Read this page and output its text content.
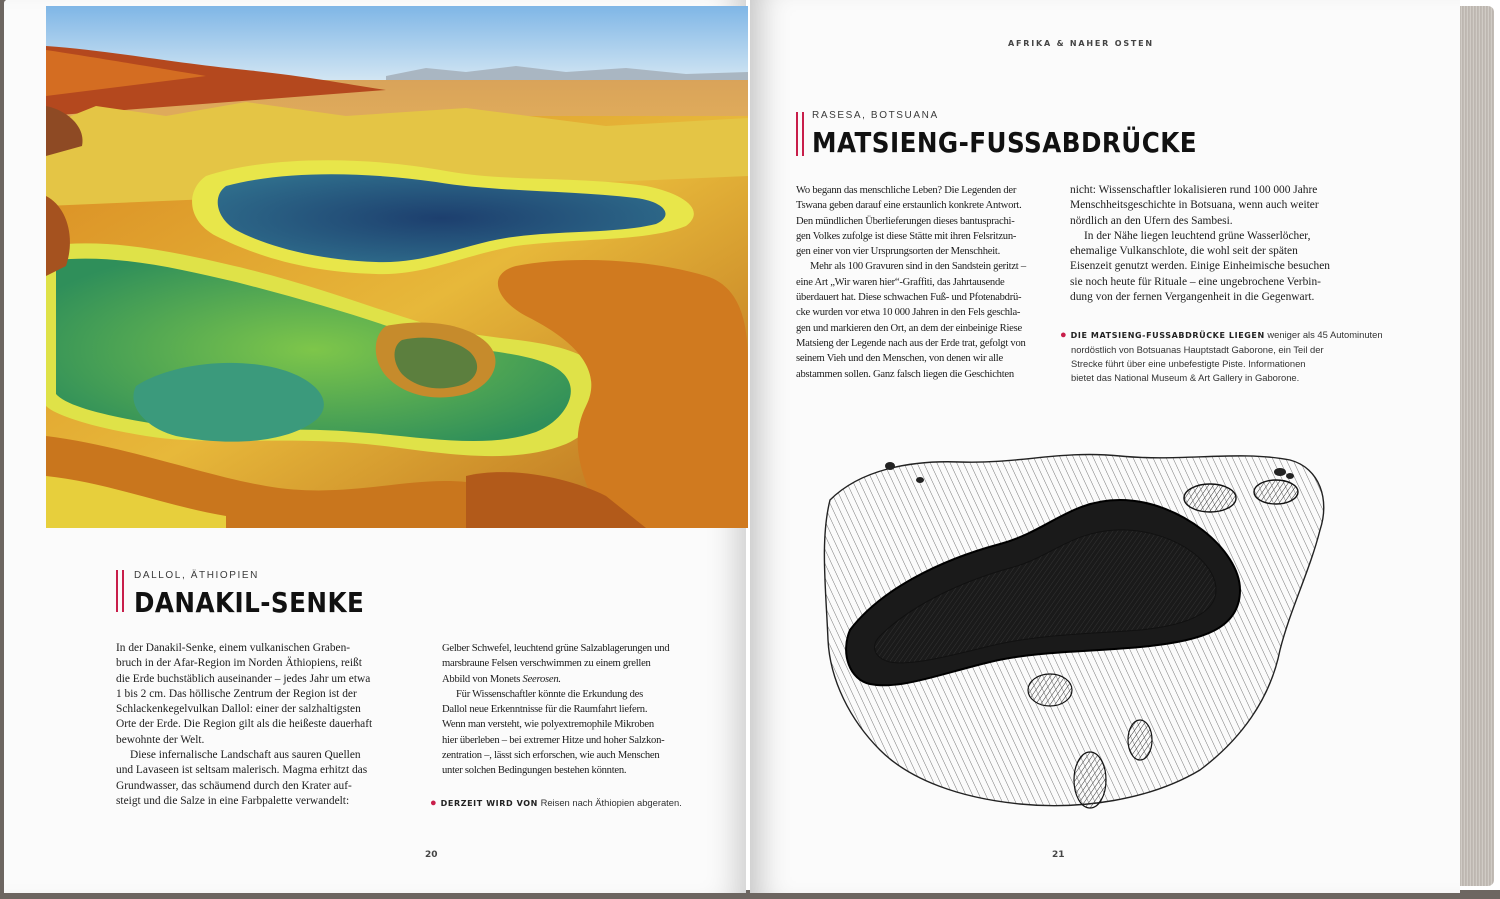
DALLOL, ÄTHIOPIEN
DANAKIL-SENKE

In der Danakil-Senke, einem vulkanischen Graben-

bruch in der Afar-Region im Norden Äthiopiens, reißt

die Erde buchstäblich auseinander – jedes Jahr um etwa

1 bis 2 cm. Das höllische Zentrum der Region ist der

Schlackenkegelvulkan Dallol: einer der salzhaltigsten

Orte der Erde. Die Region gilt als die heißeste dauerhaft

bewohnte der Welt.

Diese infernalische Landschaft aus sauren Quellen

und Lavaseen ist seltsam malerisch. Magma erhitzt das

Grundwasser, das schäumend durch den Krater auf-

steigt und die Salze in eine Farbpalette verwandelt:

Gelber Schwefel, leuchtend grüne Salzablagerungen und

marsbraune Felsen verschwimmen zu einem grellen

Abbild von Monets Seerosen.

Für Wissenschaftler könnte die Erkundung des

Dallol neue Erkenntnisse für die Raumfahrt liefern.

Wenn man versteht, wie polyextremophile Mikroben

hier überleben – bei extremer Hitze und hoher Salzkon-

zentration –, lässt sich erforschen, wie auch Menschen

unter solchen Bedingungen bestehen könnten.

● DERZEIT WIRD VON Reisen nach Äthiopien abgeraten.
20
AFRIKA & NAHER OSTEN
RASESA, BOTSUANA
MATSIENG-FUSSABDRÜCKE

Wo begann das menschliche Leben? Die Legenden der

Tswana geben darauf eine erstaunlich konkrete Antwort.

Den mündlichen Überlieferungen dieses bantusprachi-

gen Volkes zufolge ist diese Stätte mit ihren Felsritzun-

gen einer von vier Ursprungsorten der Menschheit.

Mehr als 100 Gravuren sind in den Sandstein geritzt –

eine Art „Wir waren hier“-Graffiti, das Jahrtausende

überdauert hat. Diese schwachen Fuß- und Pfotenabdrü-

cke wurden vor etwa 10 000 Jahren in den Fels geschla-

gen und markieren den Ort, an dem der einbeinige Riese

Matsieng der Legende nach aus der Erde trat, gefolgt von

seinem Vieh und den Menschen, von denen wir alle

abstammen sollen. Ganz falsch liegen die Geschichten

nicht: Wissenschaftler lokalisieren rund 100 000 Jahre

Menschheitsgeschichte in Botsuana, wenn auch weiter

nördlich an den Ufern des Sambesi.

In der Nähe liegen leuchtend grüne Wasserlöcher,

ehemalige Vulkanschlote, die wohl seit der späten

Eisenzeit genutzt werden. Einige Einheimische besuchen

sie noch heute für Rituale – eine ungebrochene Verbin-

dung von der fernen Vergangenheit in die Gegenwart.

● DIE MATSIENG-FUSSABDRÜCKE LIEGEN weniger als 45 Autominuten
nordöstlich von Botsuanas Hauptstadt Gaborone, ein Teil der
Strecke führt über eine unbefestigte Piste. Informationen
bietet das National Museum & Art Gallery in Gaborone.
21
